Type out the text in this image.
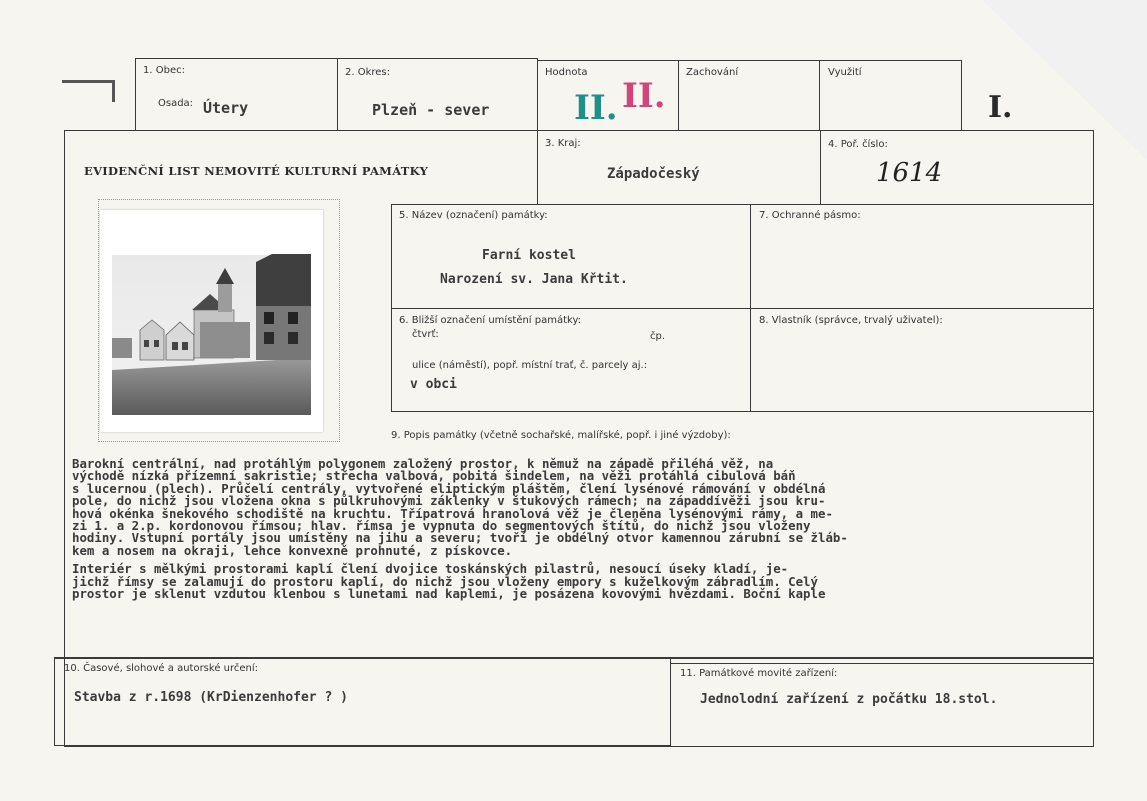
1. Obec:
Osada: Útery
2. Okres:
Plzeň - sever
Hodnota
II. II.
Zachování	Využití
I.
EVIDENČNÍ LIST NEMOVITÉ KULTURNÍ PAMÁTKY
3. Kraj:
Západočeský
4. Poř. číslo:
1614
5. Název (označení) památky:
Farní kostel
Narození sv. Jana Křtit.
7. Ochranné pásmo:
6. Bližší označení umístění památky:
čtvrť:	čp.
ulice (náměstí), popř. místní trať, č. parcely aj.:
v obci
8. Vlastník (správce, trvalý uživatel):
9. Popis památky (včetně sochařské, malířské, popř. i jiné výzdoby):
Barokní centrální, nad protáhlým polygonem založený prostor, k němuž na západě přiléhá věž, na
východě nízká přízemní sakristie; střecha valbová, pobitá šindelem, na věži protáhlá cibulová báň
s lucernou (plech). Průčelí centrály, vytvořené eliptickým pláštěm, člení lysénové rámování v obdélná
pole, do nichž jsou vložena okna s půlkruhovými záklenky v štukových rámech; na západdívěži jsou kru-
hová okénka šnekového schodiště na kruchtu. Třípatrová hranolová věž je členěna lysénovými rámy, a me-
zi 1. a 2.p. kordonovou římsou; hlav. římsa je vypnuta do segmentových štítů, do nichž jsou vloženy
hodiny. Vstupní portály jsou umístěny na jihu a severu; tvoří je obdélný otvor kamennou zárubní se žláb-
kem a nosem na okraji, lehce konvexně prohnuté, z pískovce.
Interiér s mělkými prostorami kaplí člení dvojice toskánských pilastrů, nesoucí úseky kladí, je-
jichž římsy se zalamují do prostoru kaplí, do nichž jsou vloženy empory s kuželkovým zábradlím. Celý
prostor je sklenut vzdutou klenbou s lunetami nad kaplemi, je posázena kovovými hvězdami. Boční kaple
10. Časové, slohové a autorské určení:
Stavba z r.1698 (KrDienzenhofer ? )
11. Památkové movité zařízení:
Jednolodní zařízení z počátku 18.stol.
